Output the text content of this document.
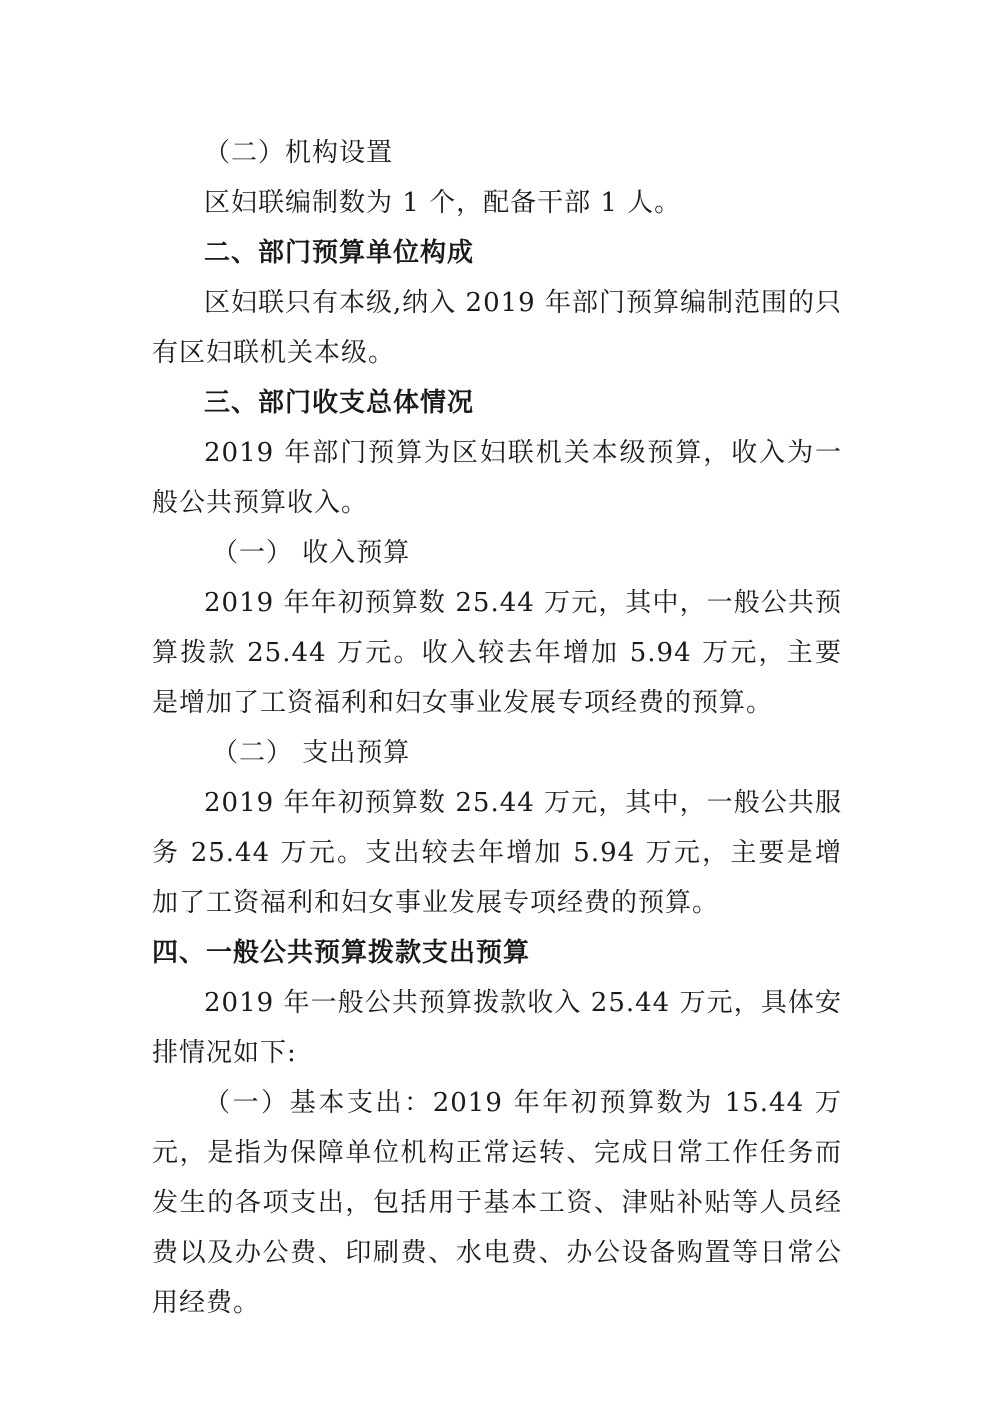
（二）机构设置

区妇联编制数为 1 个，配备干部 1 人。

二、部门预算单位构成

区妇联只有本级,纳入 2019 年部门预算编制范围的只有区妇联机关本级。

三、部门收支总体情况

2019 年部门预算为区妇联机关本级预算，收入为一般公共预算收入。

（一） 收入预算

2019 年年初预算数 25.44 万元，其中，一般公共预算拨款 25.44 万元。收入较去年增加 5.94 万元，主要是增加了工资福利和妇女事业发展专项经费的预算。

（二） 支出预算

2019 年年初预算数 25.44 万元，其中，一般公共服务 25.44 万元。支出较去年增加 5.94 万元，主要是增加了工资福利和妇女事业发展专项经费的预算。

四、一般公共预算拨款支出预算

2019 年一般公共预算拨款收入 25.44 万元，具体安排情况如下:

（一）基本支出：2019 年年初预算数为 15.44 万元，是指为保障单位机构正常运转、完成日常工作任务而发生的各项支出，包括用于基本工资、津贴补贴等人员经费以及办公费、印刷费、水电费、办公设备购置等日常公用经费。
